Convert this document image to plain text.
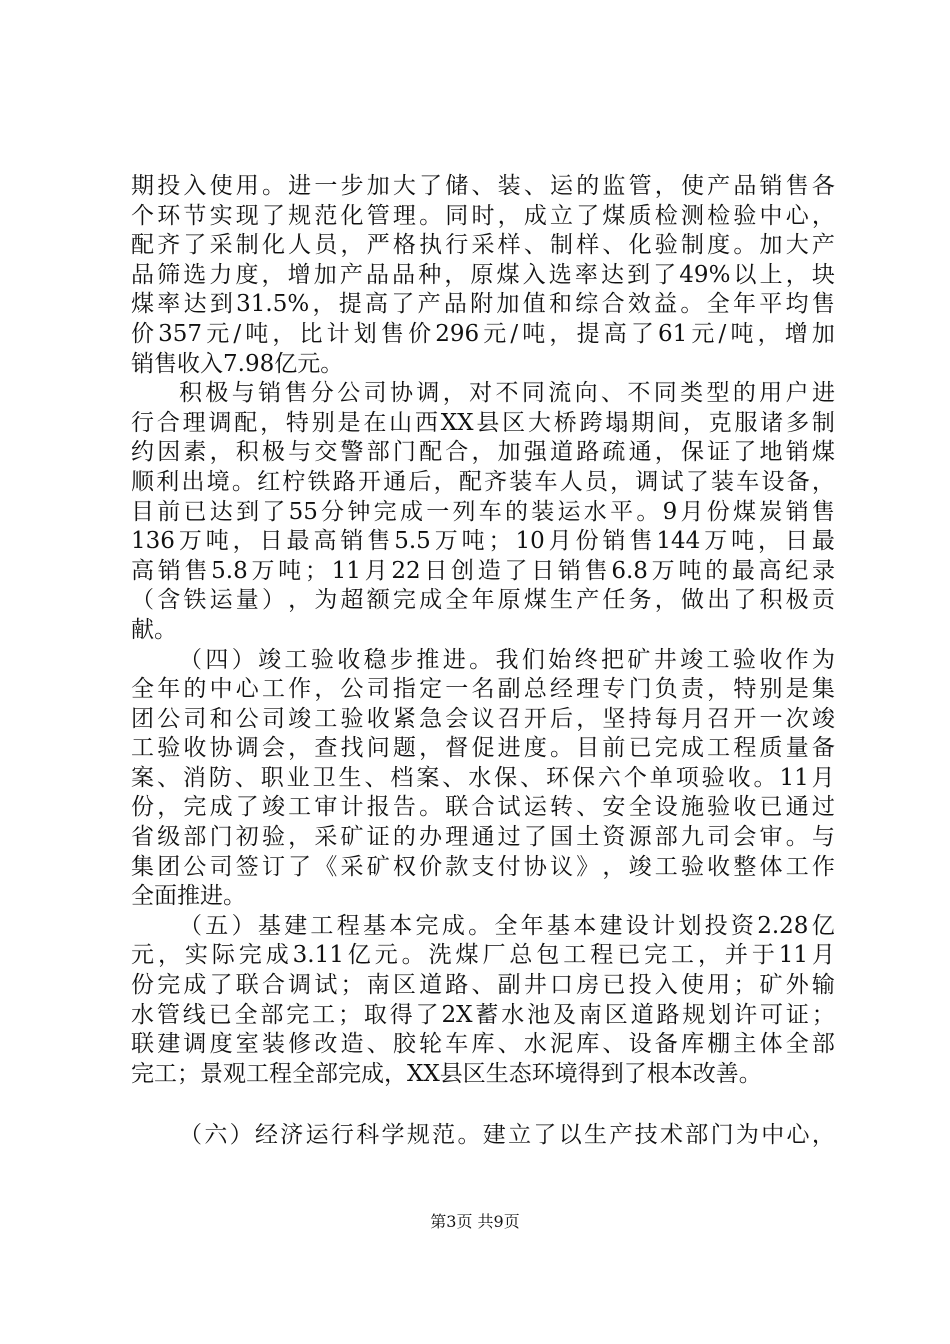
期 投 入 使 用 。 进 一 步 加 大 了 储 、 装 、 运 的 监 管 ， 使 产 品 销 售 各
个 环 节 实 现 了 规 范 化 管 理 。 同 时 ， 成 立 了 煤 质 检 测 检 验 中 心 ，
配 齐 了 采 制 化 人 员 ， 严 格 执 行 采 样 、 制 样 、 化 验 制 度 。 加 大 产
品 筛 选 力 度 ， 增 加 产 品 品 种 ， 原 煤 入 选 率 达 到 了 49% 以 上 ， 块
煤 率 达 到 31.5% ， 提 高 了 产 品 附 加 值 和 综 合 效 益 。 全 年 平 均 售
价 357 元 / 吨 ， 比 计 划 售 价 296 元 / 吨 ， 提 高 了 61 元 / 吨 ， 增 加
销售收入7.98亿元。
积 极 与 销 售 分 公 司 协 调 ， 对 不 同 流 向 、 不 同 类 型 的 用 户 进
行 合 理 调 配 ， 特 别 是 在 山 西 XX 县 区 大 桥 跨 塌 期 间 ， 克 服 诸 多 制
约 因 素 ， 积 极 与 交 警 部 门 配 合 ， 加 强 道 路 疏 通 ， 保 证 了 地 销 煤
顺 利 出 境 。 红 柠 铁 路 开 通 后 ， 配 齐 装 车 人 员 ， 调 试 了 装 车 设 备 ，
目 前 已 达 到 了 55 分 钟 完 成 一 列 车 的 装 运 水 平 。 9 月 份 煤 炭 销 售
136 万 吨 ， 日 最 高 销 售 5.5 万 吨 ； 10 月 份 销 售 144 万 吨 ， 日 最
高 销 售 5.8 万 吨 ； 11 月 22 日 创 造 了 日 销 售 6.8 万 吨 的 最 高 纪 录
（ 含 铁 运 量 ） ， 为 超 额 完 成 全 年 原 煤 生 产 任 务 ， 做 出 了 积 极 贡
献。
（ 四 ） 竣 工 验 收 稳 步 推 进 。 我 们 始 终 把 矿 井 竣 工 验 收 作 为
全 年 的 中 心 工 作 ， 公 司 指 定 一 名 副 总 经 理 专 门 负 责 ， 特 别 是 集
团 公 司 和 公 司 竣 工 验 收 紧 急 会 议 召 开 后 ， 坚 持 每 月 召 开 一 次 竣
工 验 收 协 调 会 ， 查 找 问 题 ， 督 促 进 度 。 目 前 已 完 成 工 程 质 量 备
案 、 消 防 、 职 业 卫 生 、 档 案 、 水 保 、 环 保 六 个 单 项 验 收 。 11 月
份 ， 完 成 了 竣 工 审 计 报 告 。 联 合 试 运 转 、 安 全 设 施 验 收 已 通 过
省 级 部 门 初 验 ， 采 矿 证 的 办 理 通 过 了 国 土 资 源 部 九 司 会 审 。 与
集 团 公 司 签 订 了 《 采 矿 权 价 款 支 付 协 议 》 ， 竣 工 验 收 整 体 工 作
全面推进。
（ 五 ） 基 建 工 程 基 本 完 成 。 全 年 基 本 建 设 计 划 投 资 2.28 亿
元 ， 实 际 完 成 3.11 亿 元 。 洗 煤 厂 总 包 工 程 已 完 工 ， 并 于 11 月
份 完 成 了 联 合 调 试 ； 南 区 道 路 、 副 井 口 房 已 投 入 使 用 ； 矿 外 输
水 管 线 已 全 部 完 工 ； 取 得 了 2X 蓄 水 池 及 南 区 道 路 规 划 许 可 证 ；
联 建 调 度 室 装 修 改 造 、 胶 轮 车 库 、 水 泥 库 、 设 备 库 棚 主 体 全 部
完工；景观工程全部完成，XX县区生态环境得到了根本改善。
（ 六 ） 经 济 运 行 科 学 规 范 。 建 立 了 以 生 产 技 术 部 门 为 中 心 ，
第3页 共9页
